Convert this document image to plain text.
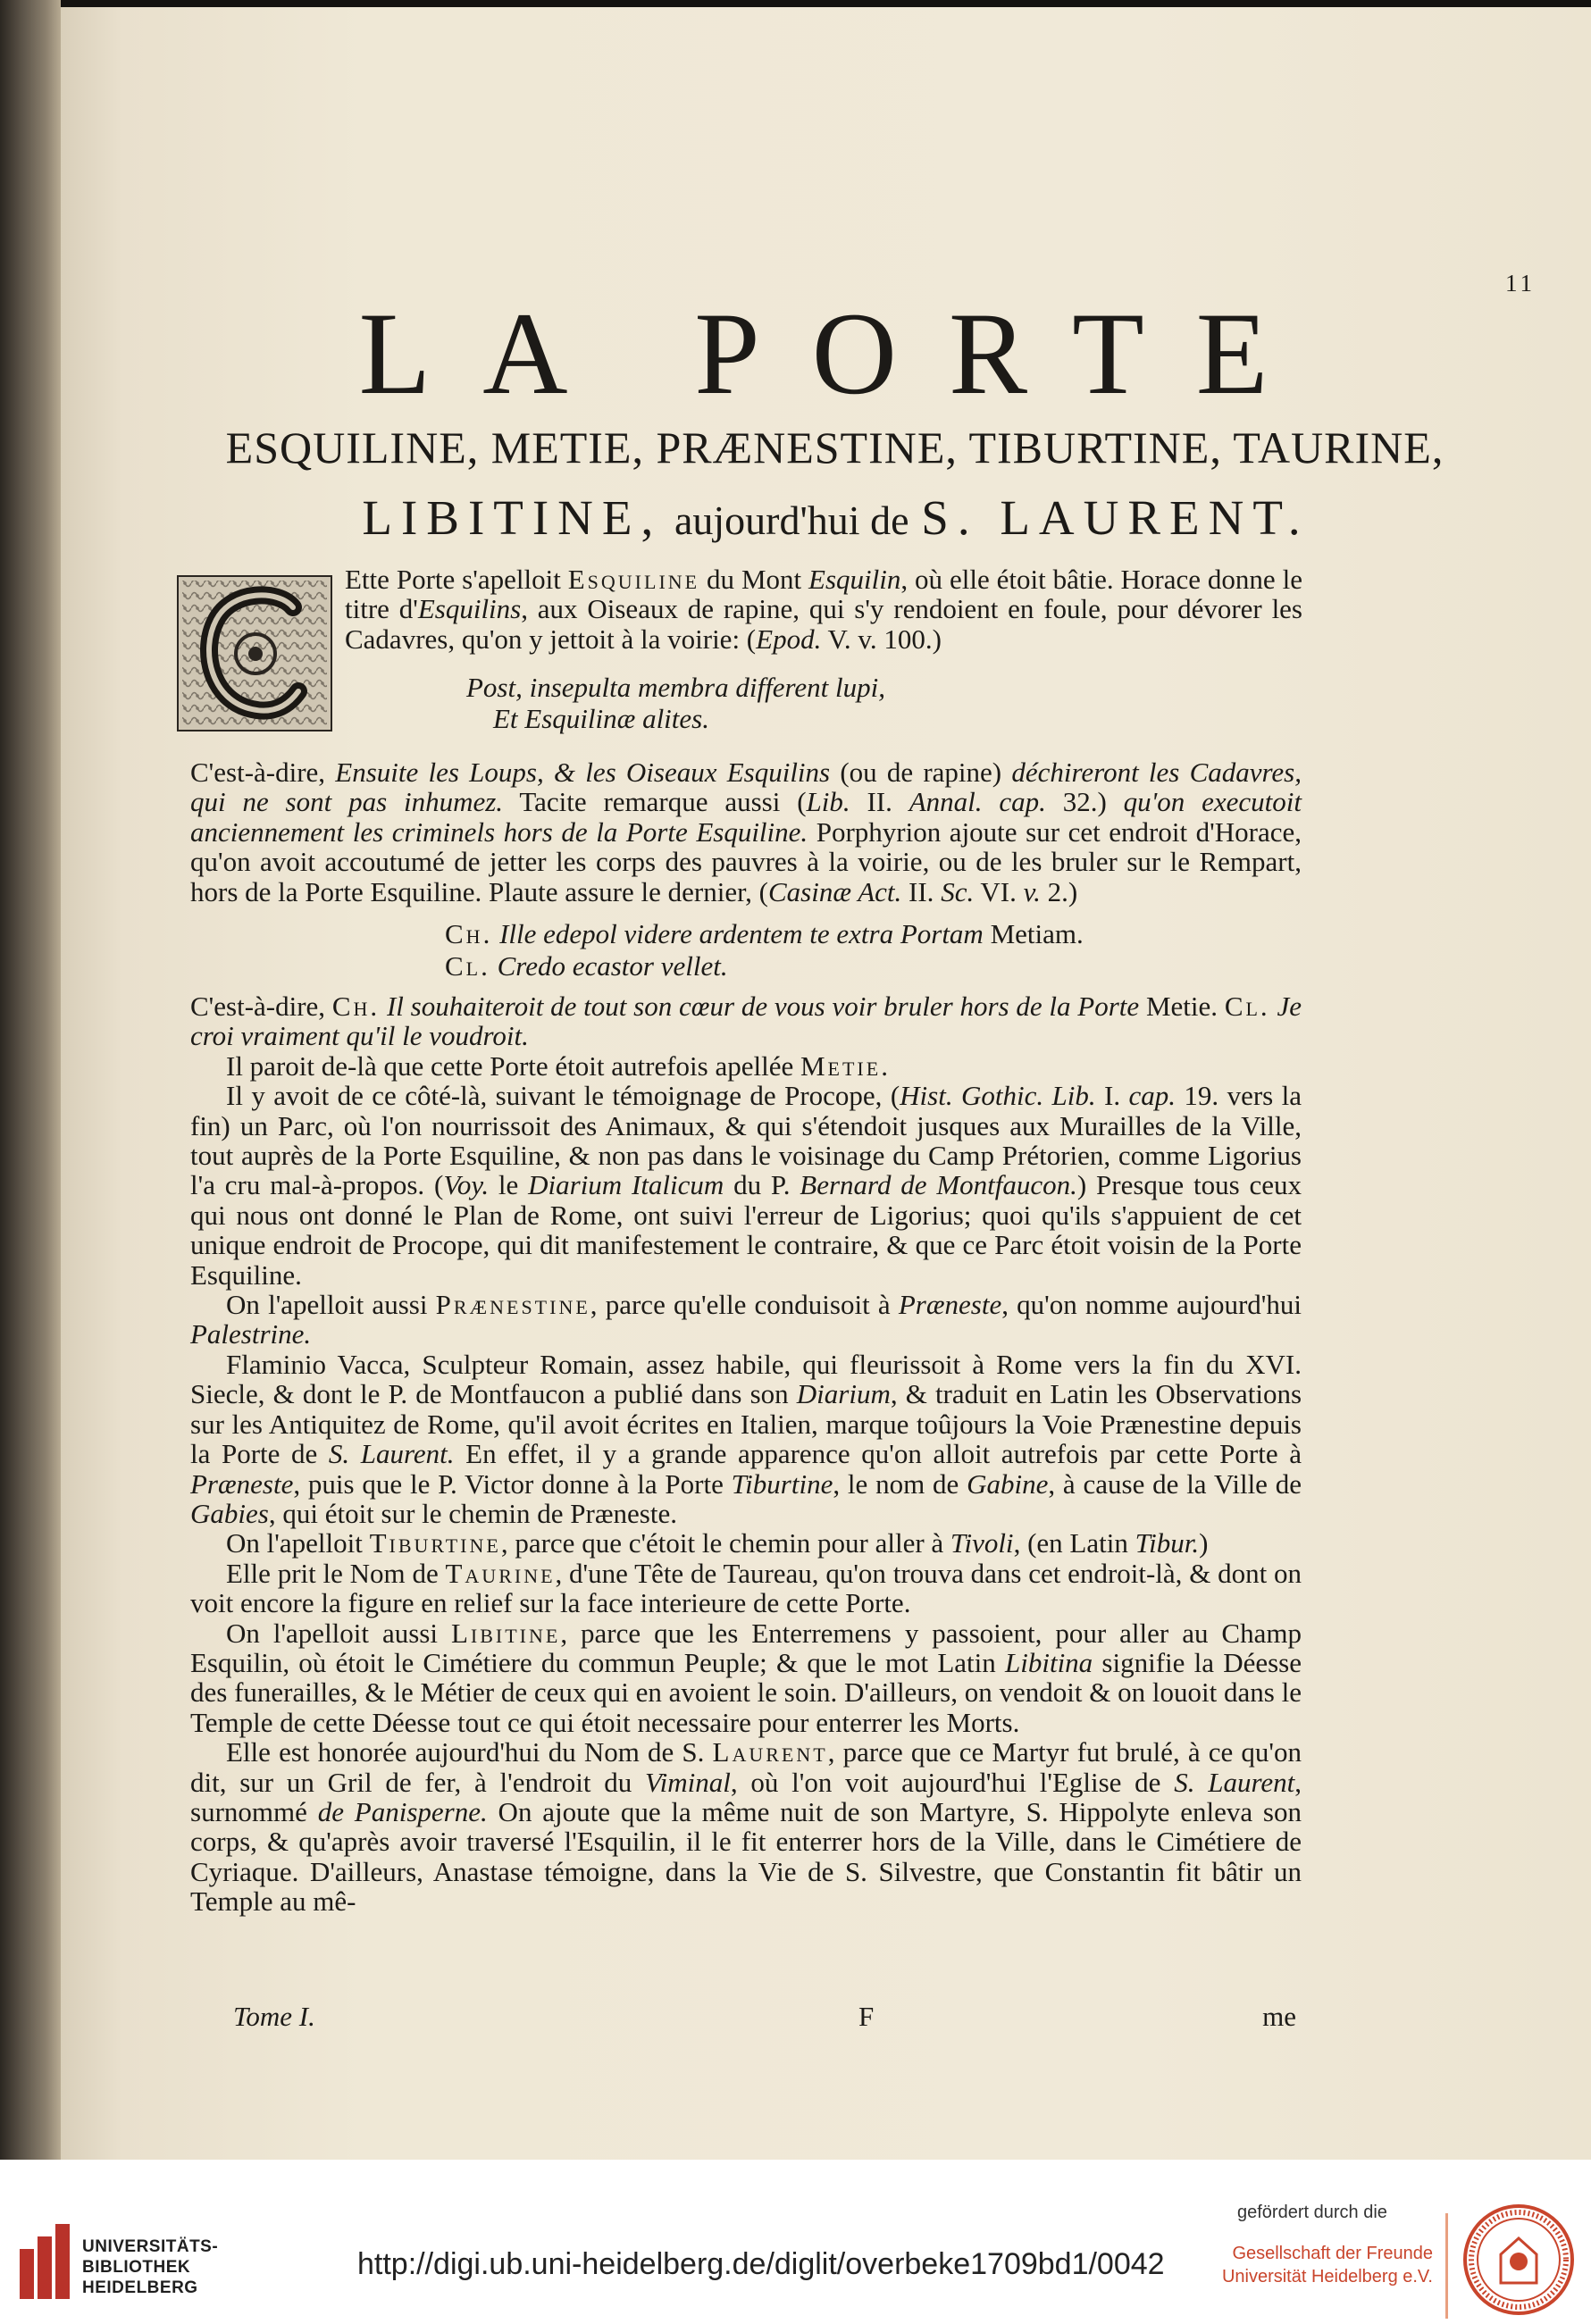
11
LA PORTE
ESQUILINE, METIE, PRÆNESTINE, TIBURTINE, TAURINE,
LIBITINE, aujourd'hui de S. LAURENT.
Ette Porte s'apelloit Esquiline du Mont Esquilin, où elle étoit bâtie. Horace donne le titre d'Esquilins, aux Oiseaux de rapine, qui s'y rendoient en foule, pour dévorer les Cadavres, qu'on y jettoit à la voirie: (Epod. V. v. 100.)
Post, insepulta membra different lupi,
Et Esquilinæ alites.
C'est-à-dire, Ensuite les Loups, & les Oiseaux Esquilins (ou de rapine) déchireront les Cadavres, qui ne sont pas inhumez. Tacite remarque aussi (Lib. II. Annal. cap. 32.) qu'on executoit anciennement les criminels hors de la Porte Esquiline. Porphyrion ajoute sur cet endroit d'Horace, qu'on avoit accoutumé de jetter les corps des pauvres à la voirie, ou de les bruler sur le Rempart, hors de la Porte Esquiline. Plaute assure le dernier, (Casinæ Act. II. Sc. VI. v. 2.)
Ch. Ille edepol videre ardentem te extra Portam Metiam.
Cl. Credo ecastor vellet.

C'est-à-dire, Ch. Il souhaiteroit de tout son cœur de vous voir bruler hors de la Porte Metie. Cl. Je croi vraiment qu'il le voudroit.

Il paroit de-là que cette Porte étoit autrefois apellée Metie.

Il y avoit de ce côté-là, suivant le témoignage de Procope, (Hist. Gothic. Lib. I. cap. 19. vers la fin) un Parc, où l'on nourrissoit des Animaux, & qui s'étendoit jusques aux Murailles de la Ville, tout auprès de la Porte Esquiline, & non pas dans le voisinage du Camp Prétorien, comme Ligorius l'a cru mal-à-propos. (Voy. le Diarium Italicum du P. Bernard de Montfaucon.) Presque tous ceux qui nous ont donné le Plan de Rome, ont suivi l'erreur de Ligorius; quoi qu'ils s'appuient de cet unique endroit de Procope, qui dit manifestement le contraire, & que ce Parc étoit voisin de la Porte Esquiline.

On l'apelloit aussi Prænestine, parce qu'elle conduisoit à Præneste, qu'on nomme aujourd'hui Palestrine.

Flaminio Vacca, Sculpteur Romain, assez habile, qui fleurissoit à Rome vers la fin du XVI. Siecle, & dont le P. de Montfaucon a publié dans son Diarium, & traduit en Latin les Observations sur les Antiquitez de Rome, qu'il avoit écrites en Italien, marque toûjours la Voie Prænestine depuis la Porte de S. Laurent. En effet, il y a grande apparence qu'on alloit autrefois par cette Porte à Præneste, puis que le P. Victor donne à la Porte Tiburtine, le nom de Gabine, à cause de la Ville de Gabies, qui étoit sur le chemin de Præneste.

On l'apelloit Tiburtine, parce que c'étoit le chemin pour aller à Tivoli, (en Latin Tibur.)

Elle prit le Nom de Taurine, d'une Tête de Taureau, qu'on trouva dans cet endroit-là, & dont on voit encore la figure en relief sur la face interieure de cette Porte.

On l'apelloit aussi Libitine, parce que les Enterremens y passoient, pour aller au Champ Esquilin, où étoit le Cimétiere du commun Peuple; & que le mot Latin Libitina signifie la Déesse des funerailles, & le Métier de ceux qui en avoient le soin. D'ailleurs, on vendoit & on louoit dans le Temple de cette Déesse tout ce qui étoit necessaire pour enterrer les Morts.

Elle est honorée aujourd'hui du Nom de S. Laurent, parce que ce Martyr fut brulé, à ce qu'on dit, sur un Gril de fer, à l'endroit du Viminal, où l'on voit aujourd'hui l'Eglise de S. Laurent, surnommé de Panisperne. On ajoute que la même nuit de son Martyre, S. Hippolyte enleva son corps, & qu'après avoir traversé l'Esquilin, il le fit enterrer hors de la Ville, dans le Cimétiere de Cyriaque. D'ailleurs, Anastase témoigne, dans la Vie de S. Silvestre, que Constantin fit bâtir un Temple au mê-

Tome I.	F	me
UNIVERSITÄTS-
BIBLIOTHEK
HEIDELBERG
http://digi.ub.uni-heidelberg.de/diglit/overbeke1709bd1/0042
gefördert durch die
Gesellschaft der Freunde
Universität Heidelberg e.V.
